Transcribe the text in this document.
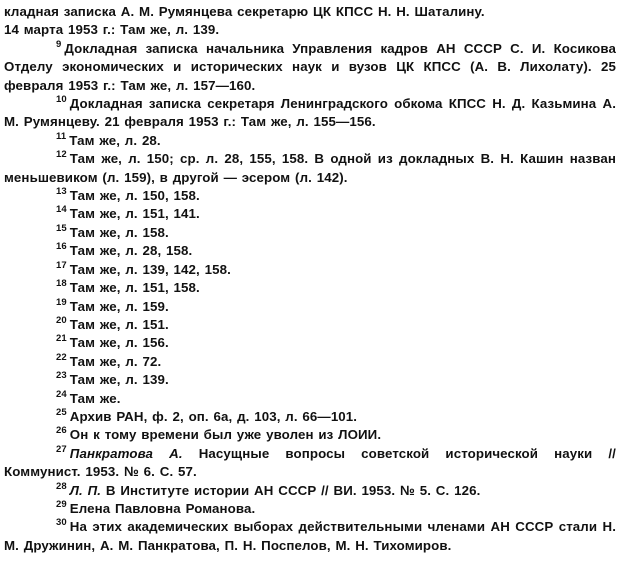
кладная записка А. М. Румянцева секретарю ЦК КПСС Н. Н. Шаталину.
14 марта 1953 г.: Там же, л. 139.
$^9$ Докладная записка начальника Управления кадров АН СССР С. И. Косикова Отделу экономических и исторических наук и вузов ЦК КПСС (А. В. Лихолату). 25 февраля 1953 г.: Там же, л. 157—160.
$^{10}$ Докладная записка секретаря Ленинградского обкома КПСС Н. Д. Казьмина А. М. Румянцеву. 21 февраля 1953 г.: Там же, л. 155—156.
$^{11}$ Там же, л. 28.
$^{12}$ Там же, л. 150; ср. л. 28, 155, 158. В одной из докладных В. Н. Кашин назван меньшевиком (л. 159), в другой — эсером (л. 142).
$^{13}$ Там же, л. 150, 158.
$^{14}$ Там же, л. 151, 141.
$^{15}$ Там же, л. 158.
$^{16}$ Там же, л. 28, 158.
$^{17}$ Там же, л. 139, 142, 158.
$^{18}$ Там же, л. 151, 158.
$^{19}$ Там же, л. 159.
$^{20}$ Там же, л. 151.
$^{21}$ Там же, л. 156.
$^{22}$ Там же, л. 72.
$^{23}$ Там же, л. 139.
$^{24}$ Там же.
$^{25}$ Архив РАН, ф. 2, оп. 6а, д. 103, л. 66—101.
$^{26}$ Он к тому времени был уже уволен из ЛОИИ.
$^{27}$ Панкратова А. Насущные вопросы советской исторической науки // Коммунист. 1953. № 6. С. 57.
$^{28}$ Л. П. В Институте истории АН СССР // ВИ. 1953. № 5. С. 126.
$^{29}$ Елена Павловна Романова.
$^{30}$ На этих академических выборах действительными членами АН СССР стали Н. М. Дружинин, А. М. Панкратова, П. Н. Поспелов, М. Н. Тихомиров.
